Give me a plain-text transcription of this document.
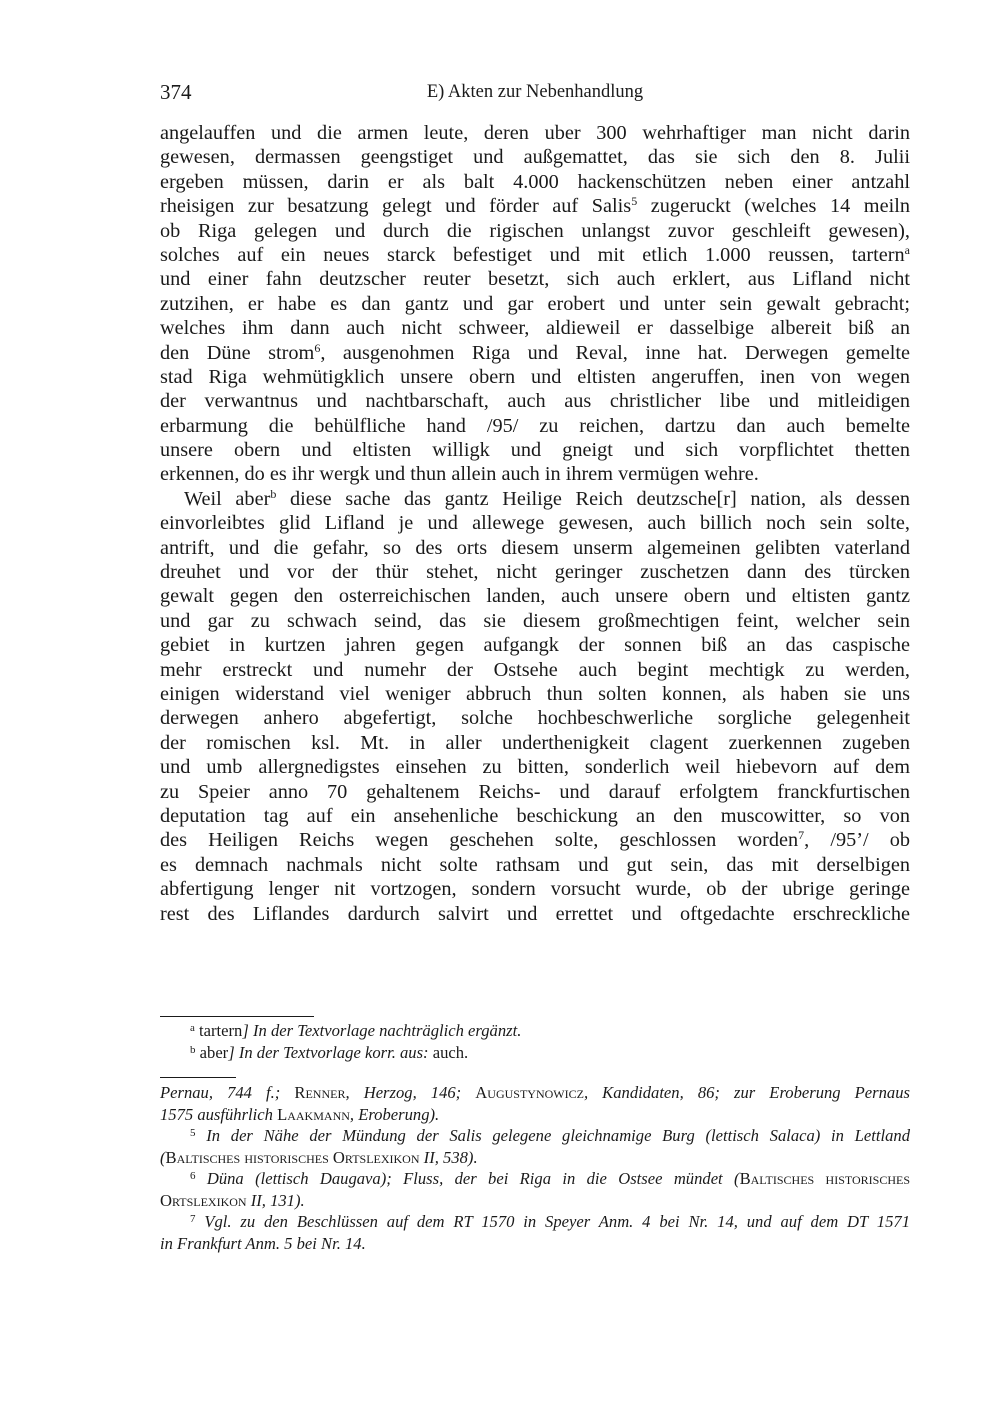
374	E) Akten zur Nebenhandlung
angelauffen und die armen leute, deren uber 300 wehrhaftiger man nicht darin
gewesen, dermassen geengstiget und außgemattet, das sie sich den 8. Julii
ergeben müssen, darin er als balt 4.000 hackenschützen neben einer antzahl
rheisigen zur besatzung gelegt und förder auf Salis$^5$ zugeruckt (welches 14 meiln
ob Riga gelegen und durch die rigischen unlangst zuvor geschleift gewesen),
solches auf ein neues starck befestiget und mit etlich 1.000 reussen, tartern$^a$
und einer fahn deutzscher reuter besetzt, sich auch erklert, aus Lifland nicht
zutzihen, er habe es dan gantz und gar erobert und unter sein gewalt gebracht;
welches ihm dann auch nicht schweer, aldieweil er dasselbige albereit biß an
den Düne strom$^6$, ausgenohmen Riga und Reval, inne hat. Derwegen gemelte
stad Riga wehmütigklich unsere obern und eltisten angeruffen, inen von wegen
der verwantnus und nachtbarschaft, auch aus christlicher libe und mitleidigen
erbarmung die behülfliche hand /95/ zu reichen, dartzu dan auch bemelte
unsere obern und eltisten willigk und gneigt und sich vorpflichtet thetten
erkennen, do es ihr wergk und thun allein auch in ihrem vermügen wehre.
Weil aber$^b$ diese sache das gantz Heilige Reich deutzsche[r] nation, als dessen
einvorleibtes glid Lifland je und allewege gewesen, auch billich noch sein solte,
antrift, und die gefahr, so des orts diesem unserm algemeinen gelibten vaterland
dreuhet und vor der thür stehet, nicht geringer zuschetzen dann des türcken
gewalt gegen den osterreichischen landen, auch unsere obern und eltisten gantz
und gar zu schwach seind, das sie diesem großmechtigen feint, welcher sein
gebiet in kurtzen jahren gegen aufgangk der sonnen biß an das caspische
mehr erstreckt und numehr der Ostsehe auch begint mechtigk zu werden,
einigen widerstand viel weniger abbruch thun solten konnen, als haben sie uns
derwegen anhero abgefertigt, solche hochbeschwerliche sorgliche gelegenheit
der romischen ksl. Mt. in aller underthenigkeit clagent zuerkennen zugeben
und umb allergnedigstes einsehen zu bitten, sonderlich weil hiebevorn auf dem
zu Speier anno 70 gehaltenem Reichs- und darauf erfolgtem franckfurtischen
deputation tag auf ein ansehenliche beschickung an den muscowitter, so von
des Heiligen Reichs wegen geschehen solte, geschlossen worden$^7$, /95’/ ob
es demnach nachmals nicht solte rathsam und gut sein, das mit derselbigen
abfertigung lenger nit vortzogen, sondern vorsucht wurde, ob der ubrige geringe
rest des Liflandes dardurch salvirt und errettet und oftgedachte erschreckliche
$^a$ tartern] In der Textvorlage nachträglich ergänzt.
$^b$ aber] In der Textvorlage korr. aus: auch.
Pernau, 744 f.; Renner, Herzog, 146; Augustynowicz, Kandidaten, 86; zur Eroberung Pernaus
1575 ausführlich Laakmann, Eroberung).
$^5$ In der Nähe der Mündung der Salis gelegene gleichnamige Burg (lettisch Salaca) in Lettland
(Baltisches historisches Ortslexikon II, 538).
$^6$ Düna (lettisch Daugava); Fluss, der bei Riga in die Ostsee mündet (Baltisches historisches
Ortslexikon II, 131).
$^7$ Vgl. zu den Beschlüssen auf dem RT 1570 in Speyer Anm. 4 bei Nr. 14, und auf dem DT 1571
in Frankfurt Anm. 5 bei Nr. 14.
